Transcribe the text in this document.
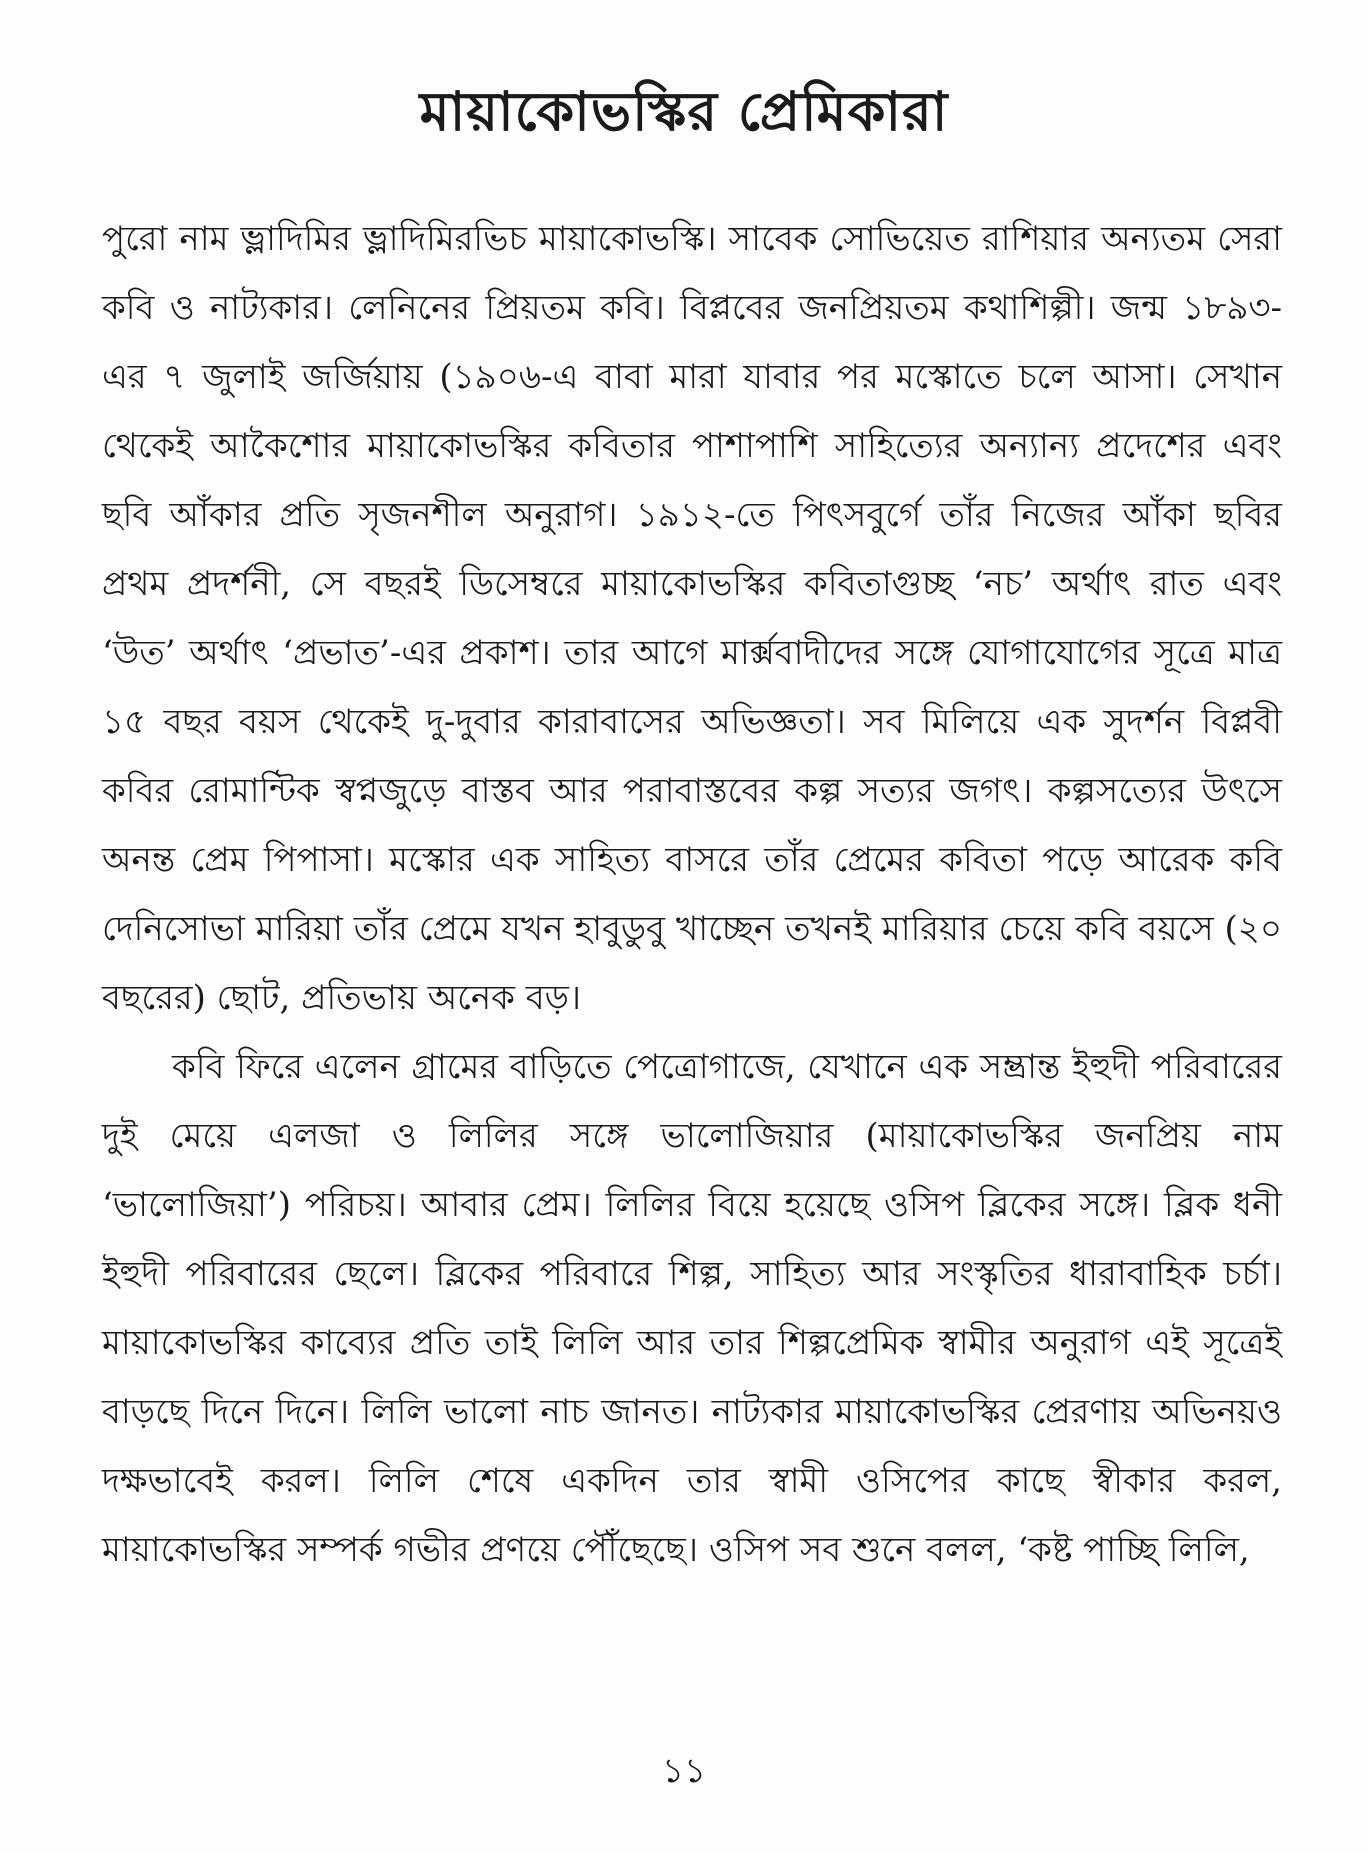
মায়াকোভস্কির প্রেমিকারা

পুরো নাম ভ্লাদিমির ভ্লাদিমিরভিচ মায়াকোভস্কি। সাবেক সোভিয়েত রাশিয়ার অন্যতম সেরা কবি ও নাট্যকার। লেনিনের প্রিয়তম কবি। বিপ্লবের জনপ্রিয়তম কথাশিল্পী। জন্ম ১৮৯৩-এর ৭ জুলাই জর্জিয়ায় (১৯০৬-এ বাবা মারা যাবার পর মস্কোতে চলে আসা। সেখান থেকেই আকৈশোর মায়াকোভস্কির কবিতার পাশাপাশি সাহিত্যের অন্যান্য প্রদেশের এবং ছবি আঁকার প্রতি সৃজনশীল অনুরাগ। ১৯১২-তে পিৎসবুর্গে তাঁর নিজের আঁকা ছবির প্রথম প্রদর্শনী, সে বছরই ডিসেম্বরে মায়াকোভস্কির কবিতাগুচ্ছ ‘নচ’ অর্থাৎ রাত এবং ‘উত’ অর্থাৎ ‘প্রভাত’-এর প্রকাশ। তার আগে মার্ক্সবাদীদের সঙ্গে যোগাযোগের সূত্রে মাত্র ১৫ বছর বয়স থেকেই দু-দুবার কারাবাসের অভিজ্ঞতা। সব মিলিয়ে এক সুদর্শন বিপ্লবী কবির রোমান্টিক স্বপ্নজুড়ে বাস্তব আর পরাবাস্তবের কল্প সত্যর জগৎ। কল্পসত্যের উৎসে অনন্ত প্রেম পিপাসা। মস্কোর এক সাহিত্য বাসরে তাঁর প্রেমের কবিতা পড়ে আরেক কবি দেনিসোভা মারিয়া তাঁর প্রেমে যখন হাবুডুবু খাচ্ছেন তখনই মারিয়ার চেয়ে কবি বয়সে (২০ বছরের) ছোট, প্রতিভায় অনেক বড়।

কবি ফিরে এলেন গ্রামের বাড়িতে পেত্রোগাজে, যেখানে এক সম্ভ্রান্ত ইহুদী পরিবারের দুই মেয়ে এলজা ও লিলির সঙ্গে ভালোজিয়ার (মায়াকোভস্কির জনপ্রিয় নাম ‘ভালোজিয়া’) পরিচয়। আবার প্রেম। লিলির বিয়ে হয়েছে ওসিপ ব্লিকের সঙ্গে। ব্লিক ধনী ইহুদী পরিবারের ছেলে। ব্লিকের পরিবারে শিল্প, সাহিত্য আর সংস্কৃতির ধারাবাহিক চর্চা। মায়াকোভস্কির কাব্যের প্রতি তাই লিলি আর তার শিল্পপ্রেমিক স্বামীর অনুরাগ এই সূত্রেই বাড়ছে দিনে দিনে। লিলি ভালো নাচ জানত। নাট্যকার মায়াকোভস্কির প্রেরণায় অভিনয়ও দক্ষভাবেই করল। লিলি শেষে একদিন তার স্বামী ওসিপের কাছে স্বীকার করল, মায়াকোভস্কির সম্পর্ক গভীর প্রণয়ে পৌঁছেছে। ওসিপ সব শুনে বলল, ‘কষ্ট পাচ্ছি লিলি,

১১
